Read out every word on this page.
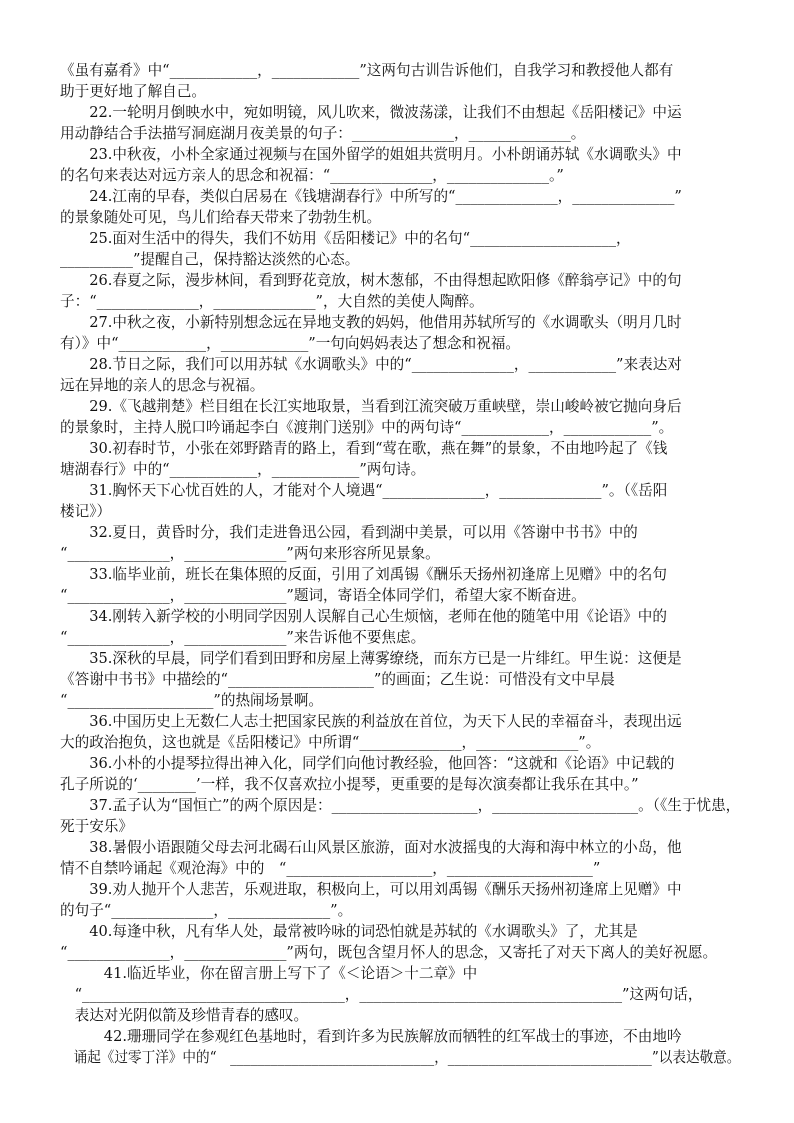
《虽有嘉肴》中“____________，____________”这两句古训告诉他们，自我学习和教授他人都有
助于更好地了解自己。
　　22.一轮明月倒映水中，宛如明镜，风儿吹来，微波荡漾，让我们不由想起《岳阳楼记》中运
用动静结合手法描写洞庭湖月夜美景的句子：______________，______________。
　　23.中秋夜，小朴全家通过视频与在国外留学的姐姐共赏明月。小朴朗诵苏轼《水调歌头》中
的名句来表达对远方亲人的思念和祝福：“______________，______________。”
　　24.江南的早春，类似白居易在《钱塘湖春行》中所写的“______________，______________”
的景象随处可见，鸟儿们给春天带来了勃勃生机。
　　25.面对生活中的得失，我们不妨用《岳阳楼记》中的名句“____________________，
__________”提醒自己，保持豁达淡然的心态。
　　26.春夏之际，漫步林间，看到野花竞放，树木葱郁，不由得想起欧阳修《醉翁亭记》中的句
子：“______________，______________”，大自然的美使人陶醉。
　　27.中秋之夜，小新特别想念远在异地支教的妈妈，他借用苏轼所写的《水调歌头（明月几时
有）》中“____________，____________”一句向妈妈表达了想念和祝福。
　　28.节日之际，我们可以用苏轼《水调歌头》中的“______________，____________”来表达对
远在异地的亲人的思念与祝福。
　　29.《飞越荆楚》栏目组在长江实地取景，当看到江流突破万重峡壁，崇山峻岭被它抛向身后
的景象时，主持人脱口吟诵起李白《渡荆门送别》中的两句诗“____________，____________”。
　　30.初春时节，小张在郊野踏青的路上，看到“莺在歌，燕在舞”的景象，不由地吟起了《钱
塘湖春行》中的“____________，____________”两句诗。
　　31.胸怀天下心忧百姓的人，才能对个人境遇“______________，______________”。（《岳阳
楼记》）
　　32.夏日，黄昏时分，我们走进鲁迅公园，看到湖中美景，可以用《答谢中书书》中的
“______________，______________”两句来形容所见景象。
　　33.临毕业前，班长在集体照的反面，引用了刘禹锡《酬乐天扬州初逢席上见赠》中的名句
“______________，______________”题词，寄语全体同学们，希望大家不断奋进。
　　34.刚转入新学校的小明同学因别人误解自己心生烦恼，老师在他的随笔中用《论语》中的
“______________，______________”来告诉他不要焦虑。
　　35.深秋的早晨，同学们看到田野和房屋上薄雾缭绕，而东方已是一片绯红。甲生说：这便是
《答谢中书书》中描绘的“____________________”的画面；乙生说：可惜没有文中早晨
“____________________”的热闹场景啊。
　　36.中国历史上无数仁人志士把国家民族的利益放在首位，为天下人民的幸福奋斗，表现出远
大的政治抱负，这也就是《岳阳楼记》中所谓“______________，______________”。
　　36.小朴的小提琴拉得出神入化，同学们向他讨教经验，他回答：“这就和《论语》中记载的
孔子所说的‘________’一样，我不仅喜欢拉小提琴，更重要的是每次演奏都让我乐在其中。”
　　37.孟子认为“国恒亡”的两个原因是：____________________，____________________。（《生于忧患，
死于安乐》
　　38.暑假小语跟随父母去河北碣石山风景区旅游，面对水波摇曳的大海和海中林立的小岛，他
情不自禁吟诵起《观沧海》中的　“____________________，____________________”
　　39.劝人抛开个人悲苦，乐观进取，积极向上，可以用刘禹锡《酬乐天扬州初逢席上见赠》中
的句子“______________，______________”。
　　40.每逢中秋，凡有华人处，最常被吟咏的词恐怕就是苏轼的《水调歌头》了，尤其是
“______________，______________”两句，既包含望月怀人的思念，又寄托了对天下离人的美好祝愿。
　　　41.临近毕业，你在留言册上写下了《＜论语＞十二章》中
　“____________________________________，____________________________________”这两句话，
　表达对光阴似箭及珍惜青春的感叹。
　　　42.珊珊同学在参观红色基地时，看到许多为民族解放而牺牲的红军战士的事迹，不由地吟
　诵起《过零丁洋》中的“　______________________________，______________________________”以表达敬意。
